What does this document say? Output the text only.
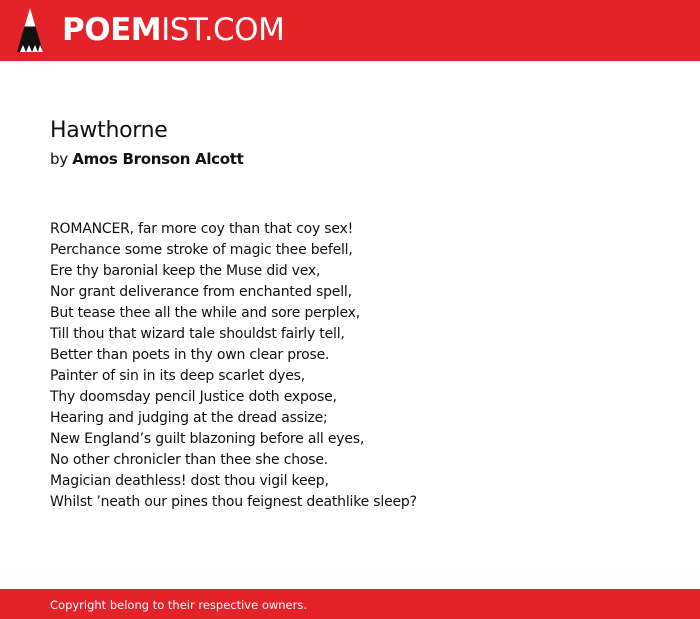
POEMIST.COM
Hawthorne
by Amos Bronson Alcott
ROMANCER, far more coy than that coy sex!
Perchance some stroke of magic thee befell,
Ere thy baronial keep the Muse did vex,
Nor grant deliverance from enchanted spell,
But tease thee all the while and sore perplex,
Till thou that wizard tale shouldst fairly tell,
Better than poets in thy own clear prose.
Painter of sin in its deep scarlet dyes,
Thy doomsday pencil Justice doth expose,
Hearing and judging at the dread assize;
New England’s guilt blazoning before all eyes,
No other chronicler than thee she chose.
Magician deathless! dost thou vigil keep,
Whilst ’neath our pines thou feignest deathlike sleep?
Copyright belong to their respective owners.
